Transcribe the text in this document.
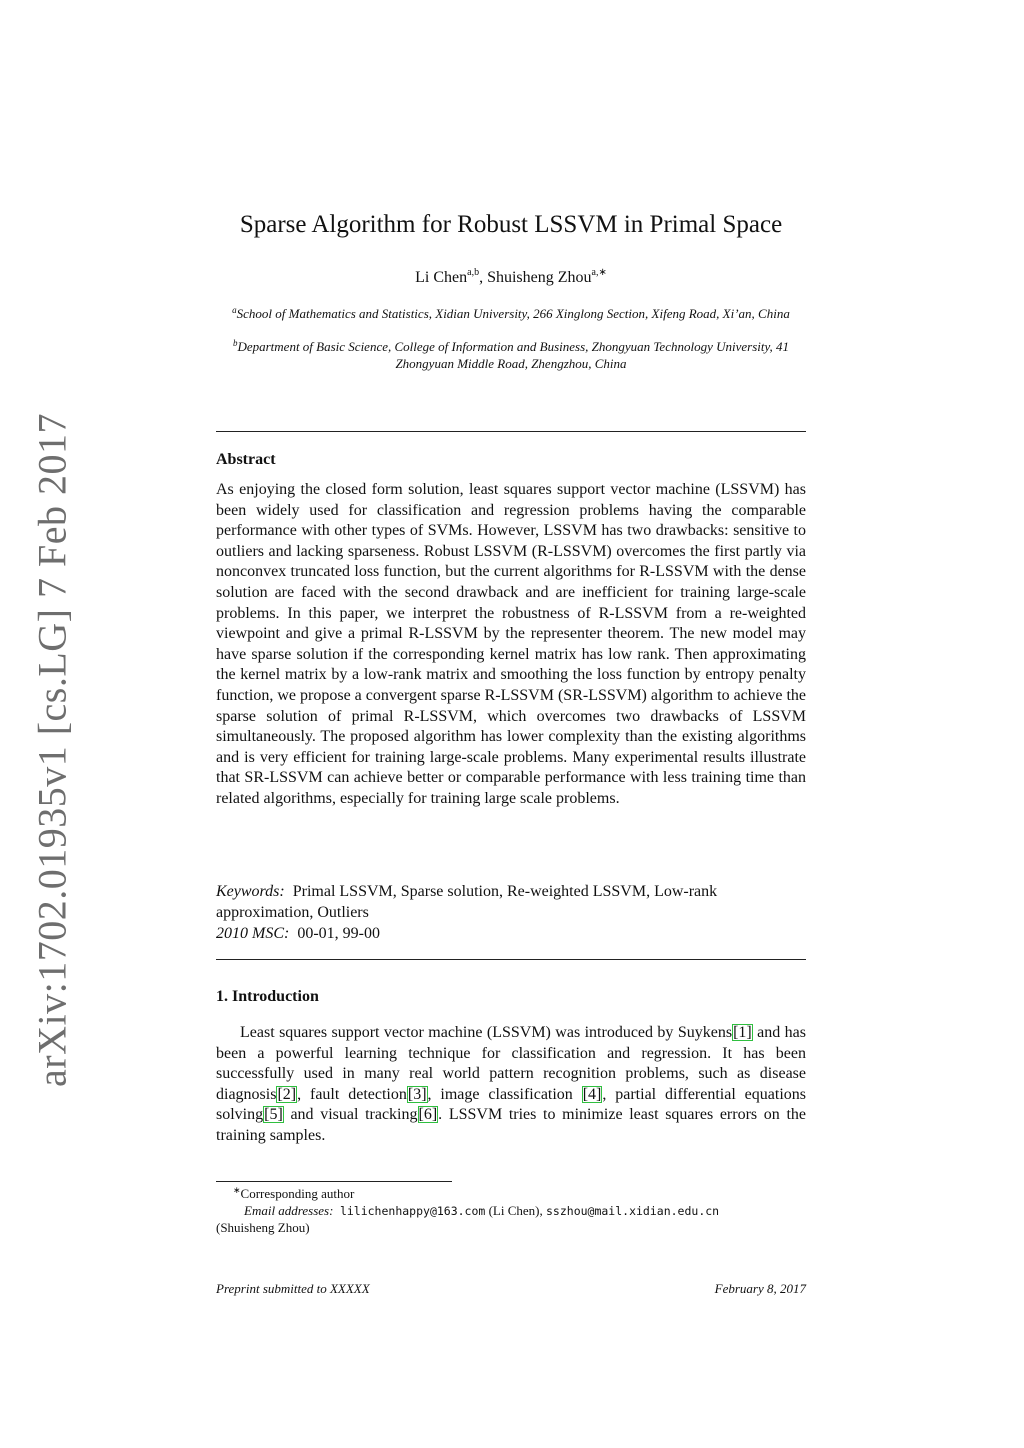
arXiv:1702.01935v1 [cs.LG] 7 Feb 2017
Sparse Algorithm for Robust LSSVM in Primal Space
Li Chen$^{a,b}$, Shuisheng Zhou$^{a,∗}$
$^a$School of Mathematics and Statistics, Xidian University, 266 Xinglong Section, Xifeng Road, Xi’an, China
$^b$Department of Basic Science, College of Information and Business, Zhongyuan Technology University, 41 Zhongyuan Middle Road, Zhengzhou, China
Abstract
As enjoying the closed form solution, least squares support vector machine (LSSVM) has been widely used for classification and regression problems having the comparable performance with other types of SVMs. However, LSSVM has two drawbacks: sensitive to outliers and lacking sparseness. Robust LSSVM (R-LSSVM) overcomes the first partly via nonconvex truncated loss function, but the current algorithms for R-LSSVM with the dense solution are faced with the second drawback and are inefficient for training large-scale problems. In this paper, we interpret the robustness of R-LSSVM from a re-weighted viewpoint and give a primal R-LSSVM by the representer theorem. The new model may have sparse solution if the corresponding kernel matrix has low rank. Then approximating the kernel matrix by a low-rank matrix and smoothing the loss function by entropy penalty function, we propose a convergent sparse R-LSSVM (SR-LSSVM) algorithm to achieve the sparse solution of primal R-LSSVM, which overcomes two drawbacks of LSSVM simultaneously. The proposed algorithm has lower complexity than the existing algorithms and is very efficient for training large-scale problems. Many experimental results illustrate that SR-LSSVM can achieve better or comparable performance with less training time than related algorithms, especially for training large scale problems.
Keywords: Primal LSSVM, Sparse solution, Re-weighted LSSVM, Low-rank approximation, Outliers
2010 MSC: 00-01, 99-00
1. Introduction
Least squares support vector machine (LSSVM) was introduced by Suykens[1] and has been a powerful learning technique for classification and regression. It has been successfully used in many real world pattern recognition problems, such as disease diagnosis[2], fault detection[3], image classification [4], partial differential equations solving[5] and visual tracking[6]. LSSVM tries to minimize least squares errors on the training samples.
∗Corresponding author
Email addresses: lilichenhappy@163.com (Li Chen), sszhou@mail.xidian.edu.cn
(Shuisheng Zhou)
Preprint submitted to XXXXX	February 8, 2017
